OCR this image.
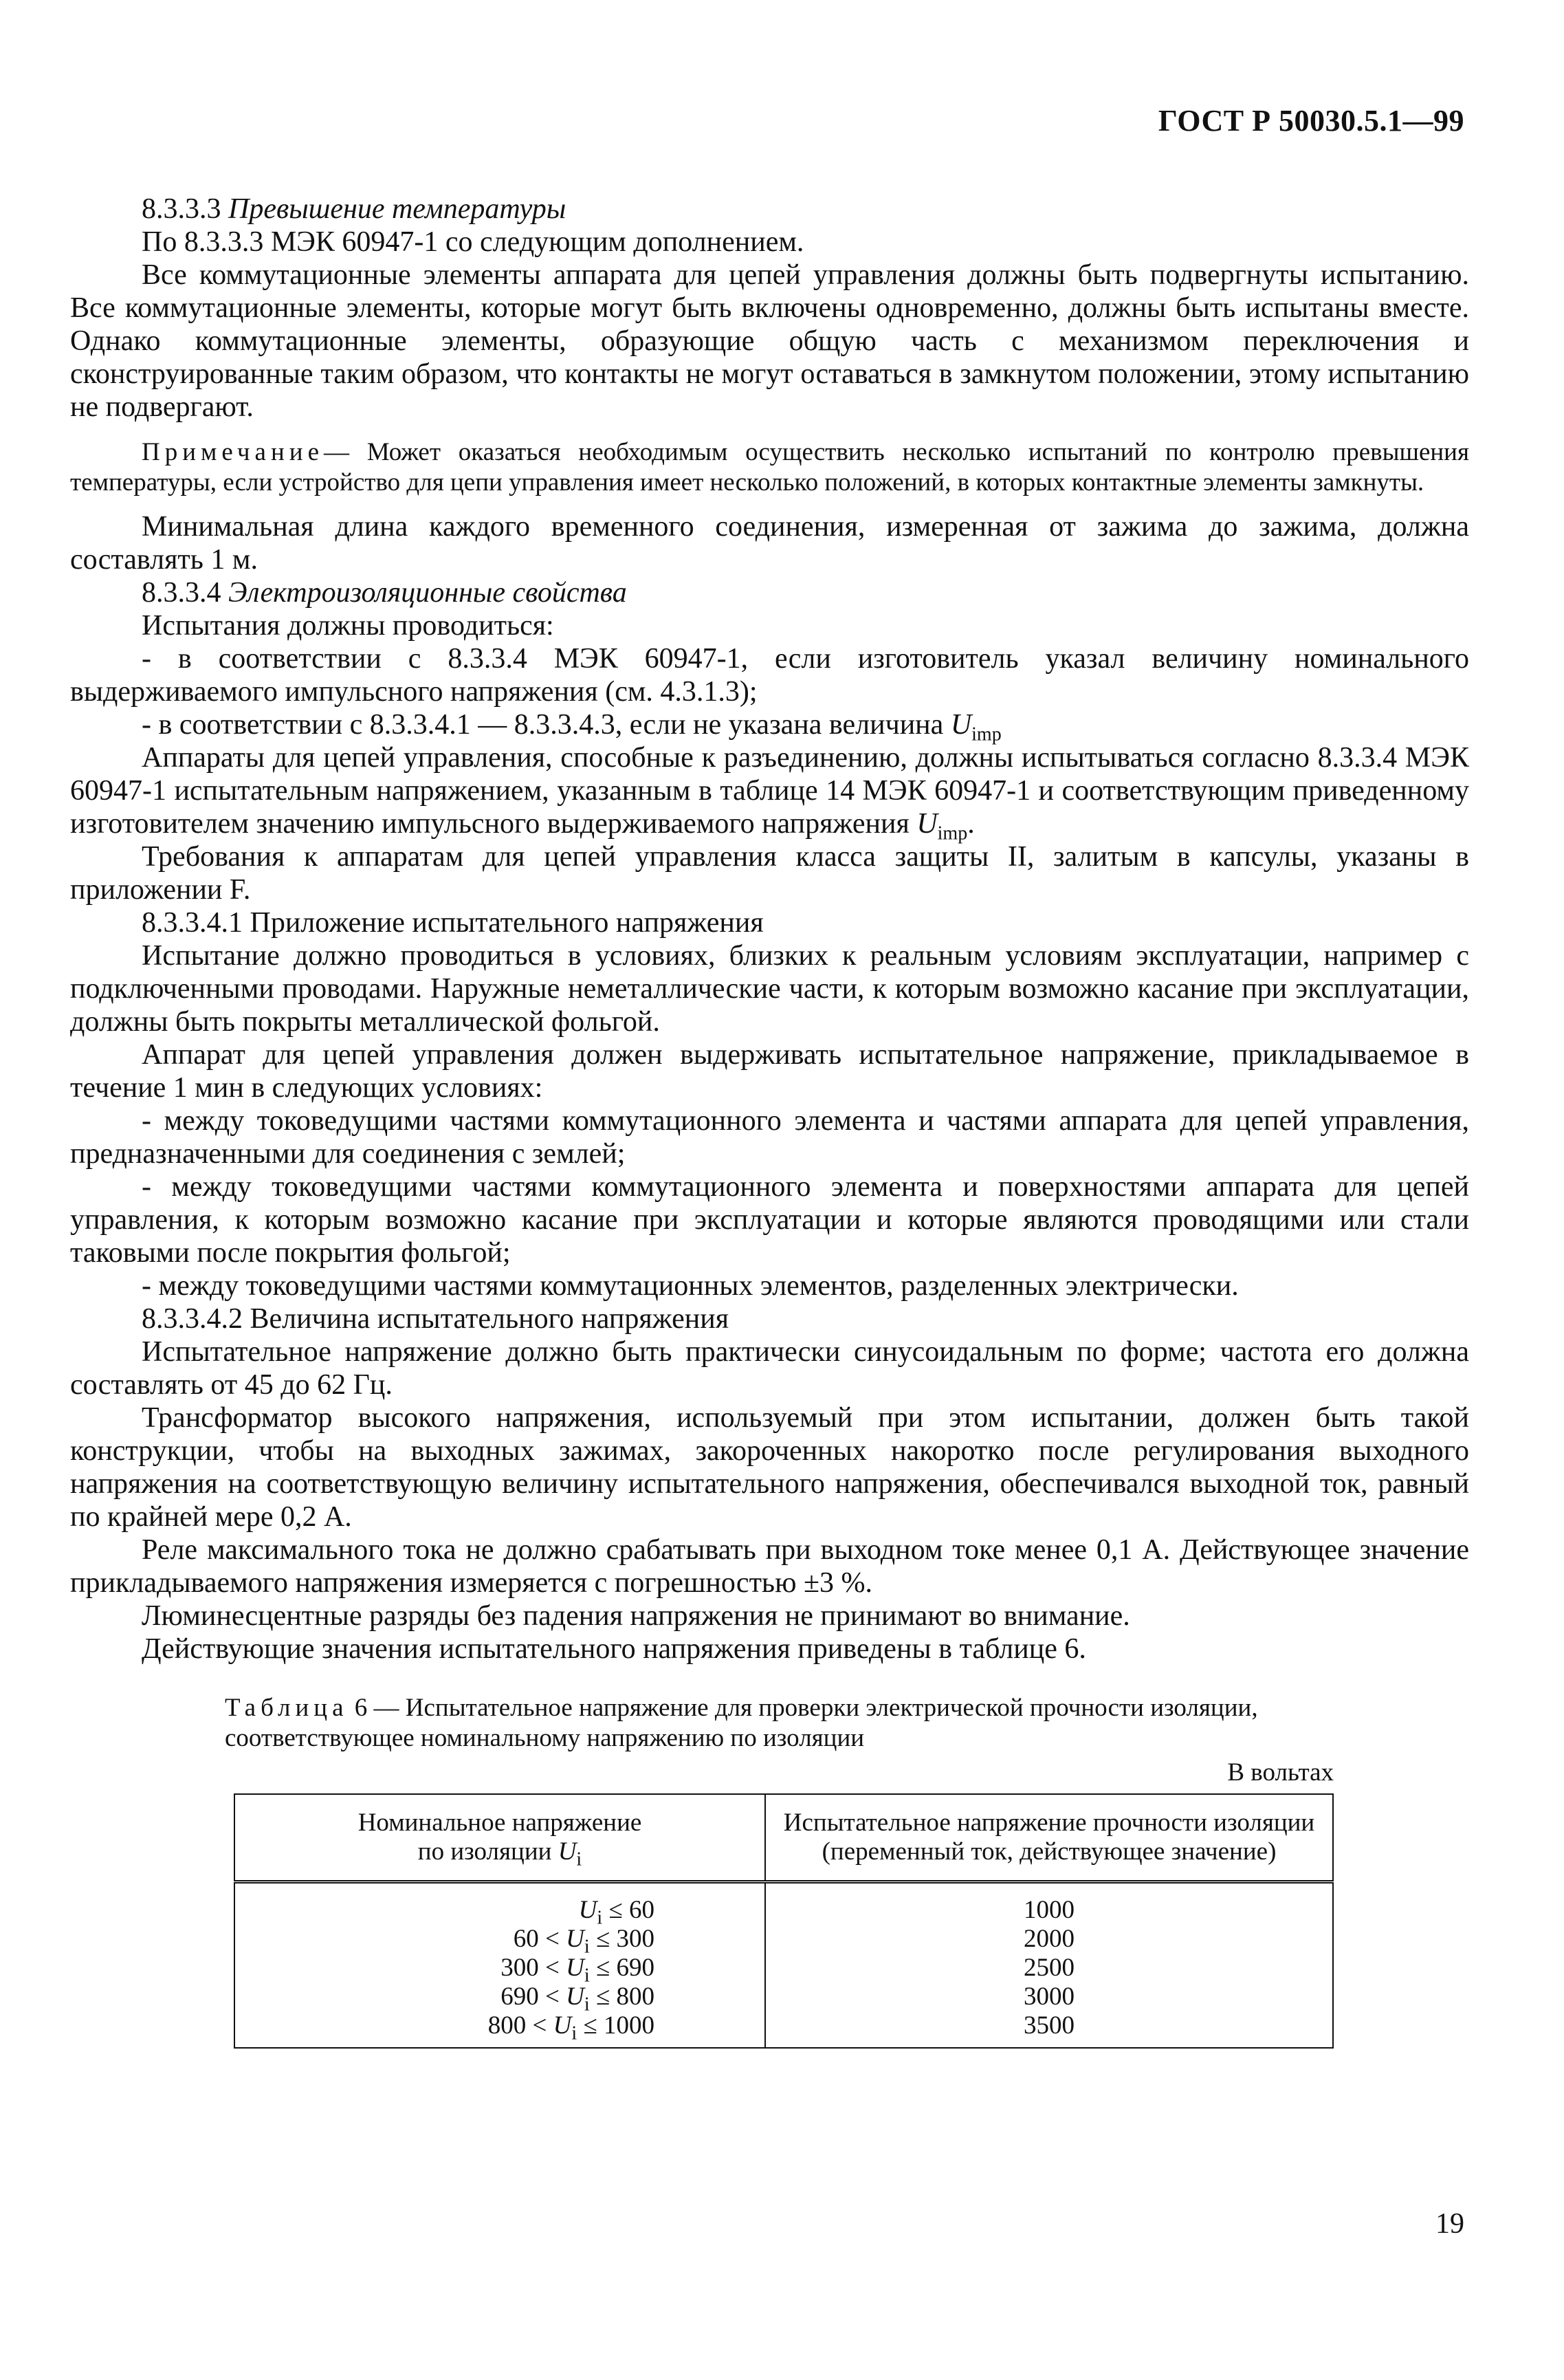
ГОСТ Р 50030.5.1—99

8.3.3.3 Превышение температуры

По 8.3.3.3 МЭК 60947-1 со следующим дополнением.

Все коммутационные элементы аппарата для цепей управления должны быть подвергнуты испытанию. Все коммутационные элементы, которые могут быть включены одновременно, должны быть испытаны вместе. Однако коммутационные элементы, образующие общую часть с механизмом переключения и сконструированные таким образом, что контакты не могут оставаться в замкнутом положении, этому испытанию не подвергают.

Примечание— Может оказаться необходимым осуществить несколько испытаний по контролю превышения температуры, если устройство для цепи управления имеет несколько положений, в которых контактные элементы замкнуты.

Минимальная длина каждого временного соединения, измеренная от зажима до зажима, должна составлять 1 м.

8.3.3.4 Электроизоляционные свойства

Испытания должны проводиться:

- в соответствии с 8.3.3.4 МЭК 60947-1, если изготовитель указал величину номинального выдерживаемого импульсного напряжения (см. 4.3.1.3);

- в соответствии с 8.3.3.4.1 — 8.3.3.4.3, если не указана величина $U_{imp}$

Аппараты для цепей управления, способные к разъединению, должны испытываться согласно 8.3.3.4 МЭК 60947-1 испытательным напряжением, указанным в таблице 14 МЭК 60947-1 и соответствующим приведенному изготовителем значению импульсного выдерживаемого напряжения $U_{imp}$.

Требования к аппаратам для цепей управления класса защиты II, залитым в капсулы, указаны в приложении F.

8.3.3.4.1 Приложение испытательного напряжения

Испытание должно проводиться в условиях, близких к реальным условиям эксплуатации, например с подключенными проводами. Наружные неметаллические части, к которым возможно касание при эксплуатации, должны быть покрыты металлической фольгой.

Аппарат для цепей управления должен выдерживать испытательное напряжение, прикладываемое в течение 1 мин в следующих условиях:

- между токоведущими частями коммутационного элемента и частями аппарата для цепей управления, предназначенными для соединения с землей;

- между токоведущими частями коммутационного элемента и поверхностями аппарата для цепей управления, к которым возможно касание при эксплуатации и которые являются проводящими или стали таковыми после покрытия фольгой;

- между токоведущими частями коммутационных элементов, разделенных электрически.

8.3.3.4.2 Величина испытательного напряжения

Испытательное напряжение должно быть практически синусоидальным по форме; частота его должна составлять от 45 до 62 Гц.

Трансформатор высокого напряжения, используемый при этом испытании, должен быть такой конструкции, чтобы на выходных зажимах, закороченных накоротко после регулирования выходного напряжения на соответствующую величину испытательного напряжения, обеспечивался выходной ток, равный по крайней мере 0,2 А.

Реле максимального тока не должно срабатывать при выходном токе менее 0,1 А. Действующее значение прикладываемого напряжения измеряется с погрешностью ±3 %.

Люминесцентные разряды без падения напряжения не принимают во внимание.

Действующие значения испытательного напряжения приведены в таблице 6.

Таблица 6 — Испытательное напряжение для проверки электрической прочности изоляции, соответствующее номинальному напряжению по изоляции
В вольтах
Номинальное напряжение
по изоляции $U_i$	Испытательное напряжение прочности изоляции
(переменный ток, действующее значение)
$U_i \le 60$	1000
$60 < U_i \le 300$	2000
$300 < U_i \le 690$	2500
$690 < U_i \le 800$	3000
$800 < U_i \le 1000$	3500
19
